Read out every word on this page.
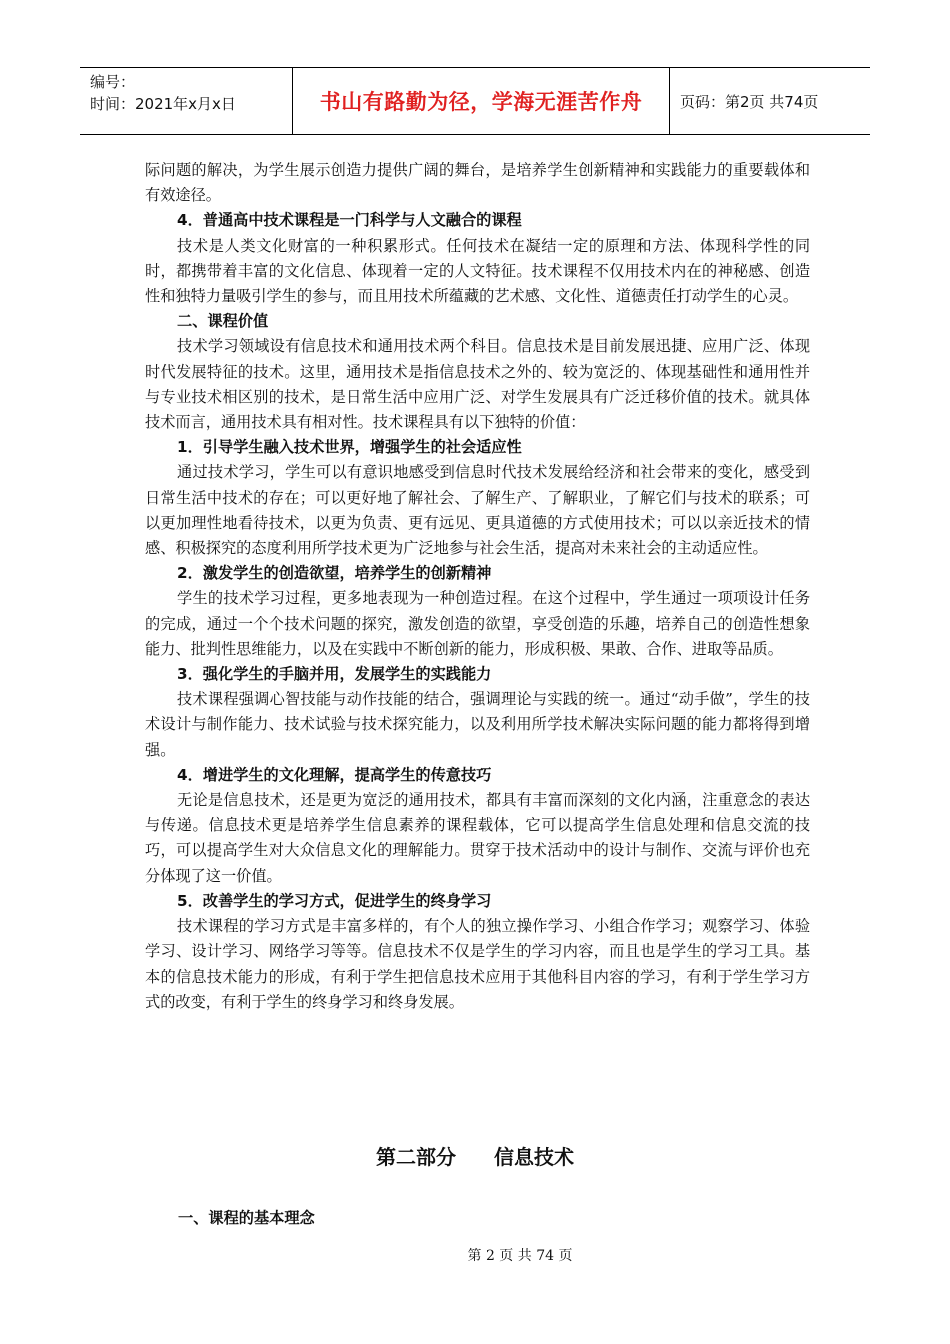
编号：
时间：2021年x月x日	书山有路勤为径，学海无涯苦作舟	页码：第2页 共74页

际问题的解决，为学生展示创造力提供广阔的舞台，是培养学生创新精神和实践能力的重要载体和有效途径。

4．普通高中技术课程是一门科学与人文融合的课程

技术是人类文化财富的一种积累形式。任何技术在凝结一定的原理和方法、体现科学性的同时，都携带着丰富的文化信息、体现着一定的人文特征。技术课程不仅用技术内在的神秘感、创造性和独特力量吸引学生的参与，而且用技术所蕴藏的艺术感、文化性、道德责任打动学生的心灵。

二、课程价值

技术学习领域设有信息技术和通用技术两个科目。信息技术是目前发展迅捷、应用广泛、体现时代发展特征的技术。这里，通用技术是指信息技术之外的、较为宽泛的、体现基础性和通用性并与专业技术相区别的技术，是日常生活中应用广泛、对学生发展具有广泛迁移价值的技术。就具体技术而言，通用技术具有相对性。技术课程具有以下独特的价值：

1．引导学生融入技术世界，增强学生的社会适应性

通过技术学习，学生可以有意识地感受到信息时代技术发展给经济和社会带来的变化，感受到日常生活中技术的存在；可以更好地了解社会、了解生产、了解职业，了解它们与技术的联系；可以更加理性地看待技术，以更为负责、更有远见、更具道德的方式使用技术；可以以亲近技术的情感、积极探究的态度利用所学技术更为广泛地参与社会生活，提高对未来社会的主动适应性。

2．激发学生的创造欲望，培养学生的创新精神

学生的技术学习过程，更多地表现为一种创造过程。在这个过程中，学生通过一项项设计任务的完成，通过一个个技术问题的探究，激发创造的欲望，享受创造的乐趣，培养自己的创造性想象能力、批判性思维能力，以及在实践中不断创新的能力，形成积极、果敢、合作、进取等品质。

3．强化学生的手脑并用，发展学生的实践能力

技术课程强调心智技能与动作技能的结合，强调理论与实践的统一。通过“动手做”，学生的技术设计与制作能力、技术试验与技术探究能力，以及利用所学技术解决实际问题的能力都将得到增强。

4．增进学生的文化理解，提高学生的传意技巧

无论是信息技术，还是更为宽泛的通用技术，都具有丰富而深刻的文化内涵，注重意念的表达与传递。信息技术更是培养学生信息素养的课程载体，它可以提高学生信息处理和信息交流的技巧，可以提高学生对大众信息文化的理解能力。贯穿于技术活动中的设计与制作、交流与评价也充分体现了这一价值。

5．改善学生的学习方式，促进学生的终身学习

技术课程的学习方式是丰富多样的，有个人的独立操作学习、小组合作学习；观察学习、体验学习、设计学习、网络学习等等。信息技术不仅是学生的学习内容，而且也是学生的学习工具。基本的信息技术能力的形成，有利于学生把信息技术应用于其他科目内容的学习，有利于学生学习方式的改变，有利于学生的终身学习和终身发展。

第二部分 信息技术
一、课程的基本理念
第 2 页 共 74 页
